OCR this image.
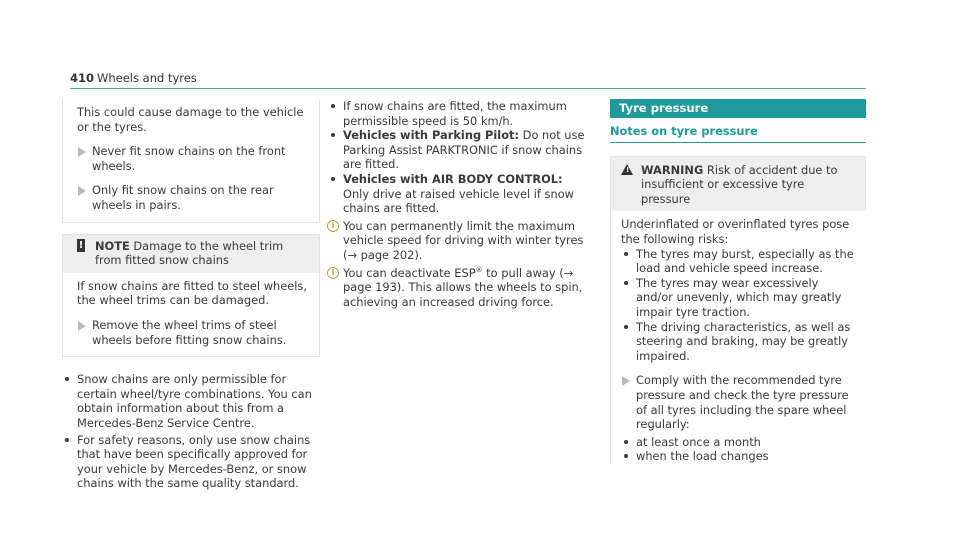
410 Wheels and tyres

This could cause damage to the vehicle or the tyres.

Never fit snow chains on the front wheels.
Only fit snow chains on the rear wheels in pairs.
! NOTE Damage to the wheel trim from fitted snow chains

If snow chains are fitted to steel wheels, the wheel trims can be damaged.

Remove the wheel trims of steel wheels before fitting snow chains.
Snow chains are only permissible for certain wheel/tyre combinations. You can obtain information about this from a Mercedes-Benz Service Centre.
For safety reasons, only use snow chains that have been specifically approved for your vehicle by Mercedes-Benz, or snow chains with the same quality standard.
If snow chains are fitted, the maximum permissible speed is 50 km/h.
Vehicles with Parking Pilot: Do not use Parking Assist PARKTRONIC if snow chains are fitted.
Vehicles with AIR BODY CONTROL: Only drive at raised vehicle level if snow chains are fitted.
i You can permanently limit the maximum vehicle speed for driving with winter tyres (→ page 202).
i You can deactivate ESP® to pull away (→ page 193). This allows the wheels to spin, achieving an increased driving force.
Tyre pressure
Notes on tyre pressure
! WARNING Risk of accident due to insufficient or excessive tyre pressure

Underinflated or overinflated tyres pose the following risks:

The tyres may burst, especially as the load and vehicle speed increase.
The tyres may wear excessively and/or unevenly, which may greatly impair tyre traction.
The driving characteristics, as well as steering and braking, may be greatly impaired.
Comply with the recommended tyre pressure and check the tyre pressure of all tyres including the spare wheel regularly:
at least once a month
when the load changes
